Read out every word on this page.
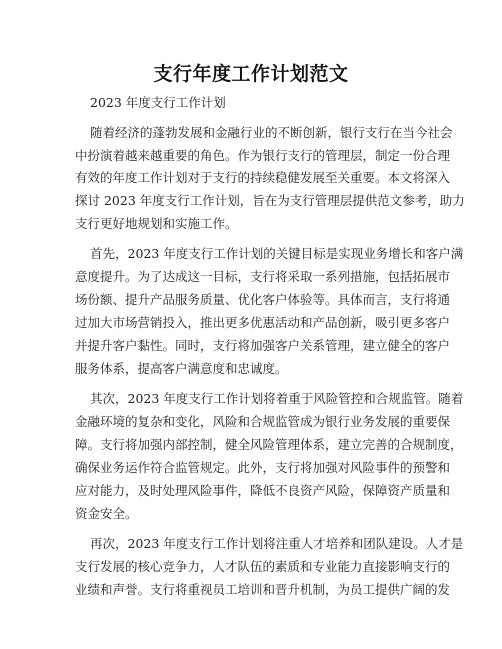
支行年度工作计划范文
2023 年度支行工作计划
随着经济的蓬勃发展和金融行业的不断创新，银行支行在当今社会
中扮演着越来越重要的角色。作为银行支行的管理层，制定一份合理
有效的年度工作计划对于支行的持续稳健发展至关重要。本文将深入
探讨 2023 年度支行工作计划，旨在为支行管理层提供范文参考，助力
支行更好地规划和实施工作。
首先，2023 年度支行工作计划的关键目标是实现业务增长和客户满
意度提升。为了达成这一目标，支行将采取一系列措施，包括拓展市
场份额、提升产品服务质量、优化客户体验等。具体而言，支行将通
过加大市场营销投入，推出更多优惠活动和产品创新，吸引更多客户
并提升客户黏性。同时，支行将加强客户关系管理，建立健全的客户
服务体系，提高客户满意度和忠诚度。
其次，2023 年度支行工作计划将着重于风险管控和合规监管。随着
金融环境的复杂和变化，风险和合规监管成为银行业务发展的重要保
障。支行将加强内部控制，健全风险管理体系，建立完善的合规制度，
确保业务运作符合监管规定。此外，支行将加强对风险事件的预警和
应对能力，及时处理风险事件，降低不良资产风险，保障资产质量和
资金安全。
再次，2023 年度支行工作计划将注重人才培养和团队建设。人才是
支行发展的核心竞争力，人才队伍的素质和专业能力直接影响支行的
业绩和声誉。支行将重视员工培训和晋升机制，为员工提供广阔的发
